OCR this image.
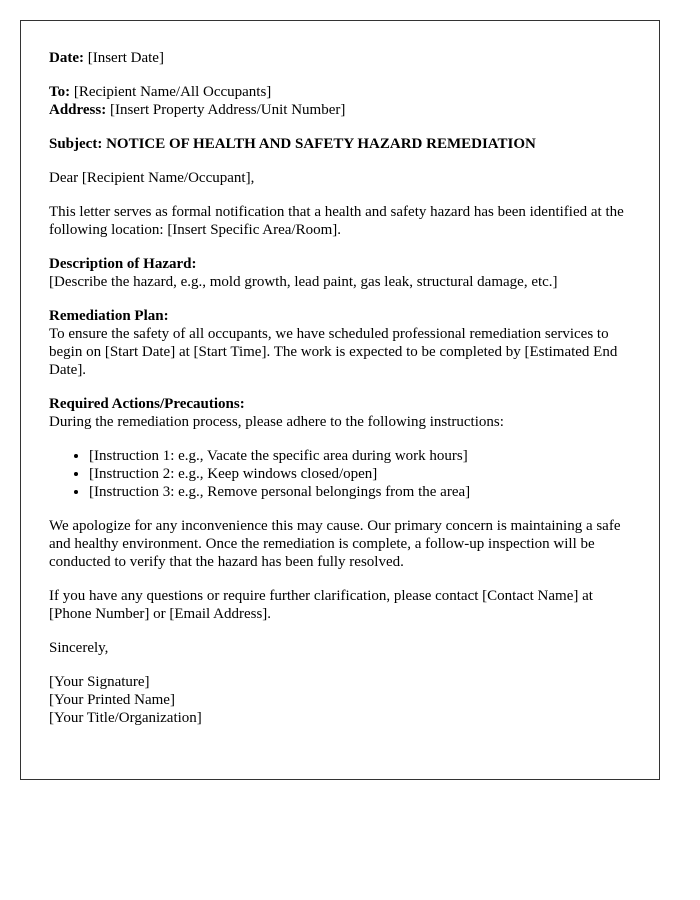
Date: [Insert Date]
To: [Recipient Name/All Occupants]
Address: [Insert Property Address/Unit Number]
Subject: NOTICE OF HEALTH AND SAFETY HAZARD REMEDIATION
Dear [Recipient Name/Occupant],
This letter serves as formal notification that a health and safety hazard has been identified at the following location: [Insert Specific Area/Room].
Description of Hazard:
[Describe the hazard, e.g., mold growth, lead paint, gas leak, structural damage, etc.]
Remediation Plan:
To ensure the safety of all occupants, we have scheduled professional remediation services to begin on [Start Date] at [Start Time]. The work is expected to be completed by [Estimated End Date].
Required Actions/Precautions:
During the remediation process, please adhere to the following instructions:
• [Instruction 1: e.g., Vacate the specific area during work hours]
• [Instruction 2: e.g., Keep windows closed/open]
• [Instruction 3: e.g., Remove personal belongings from the area]
We apologize for any inconvenience this may cause. Our primary concern is maintaining a safe and healthy environment. Once the remediation is complete, a follow-up inspection will be conducted to verify that the hazard has been fully resolved.
If you have any questions or require further clarification, please contact [Contact Name] at [Phone Number] or [Email Address].
Sincerely,
[Your Signature]
[Your Printed Name]
[Your Title/Organization]
